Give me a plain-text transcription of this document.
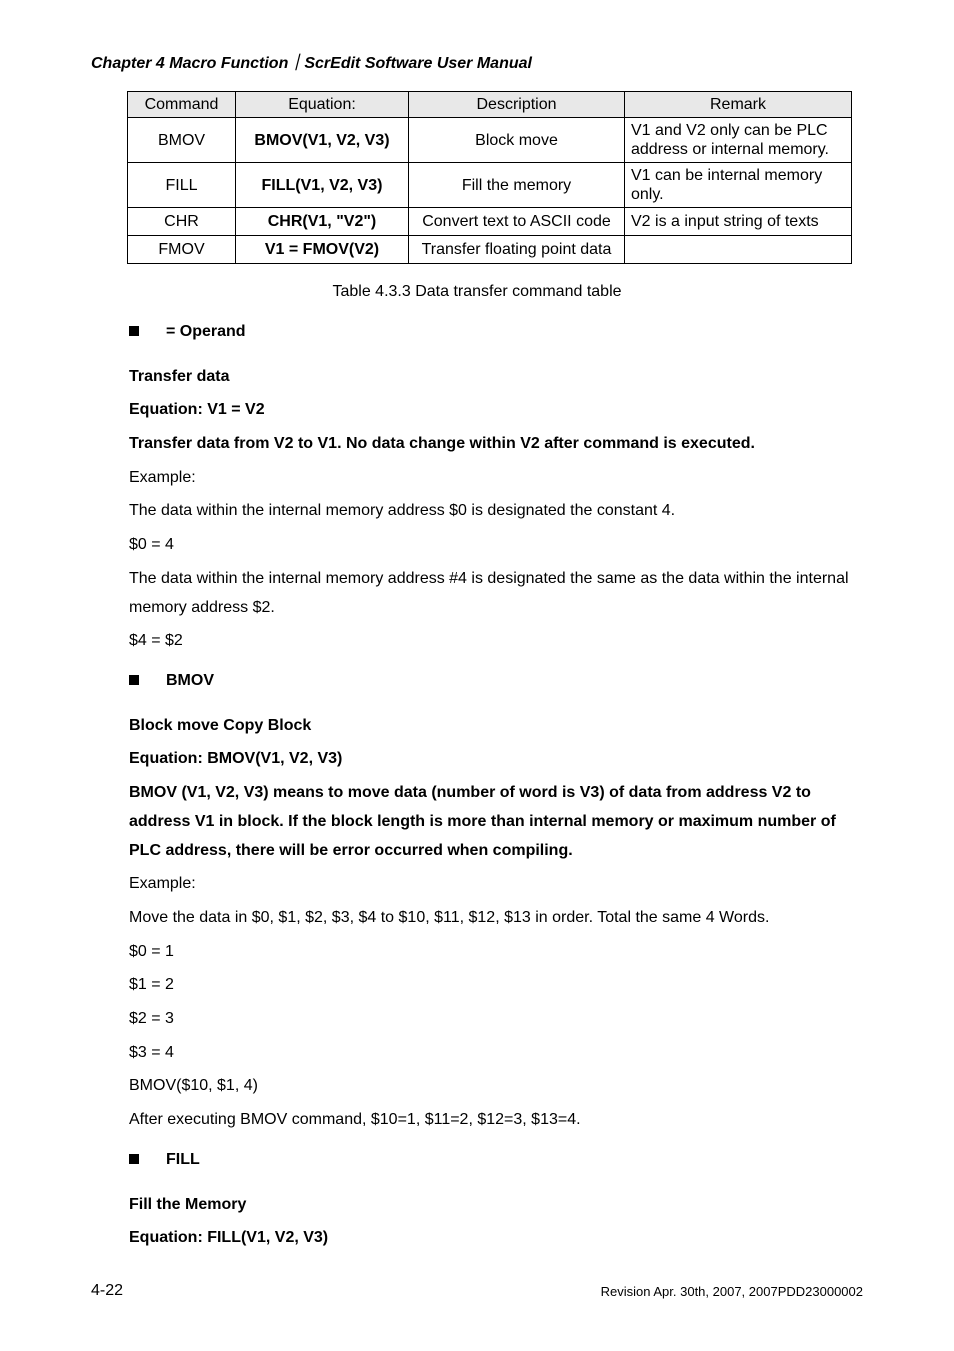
Chapter 4 Macro Function｜ScrEdit Software User Manual
Command	Equation:	Description	Remark
BMOV	BMOV(V1, V2, V3)	Block move	V1 and V2 only can be PLC address or internal memory.
FILL	FILL(V1, V2, V3)	Fill the memory	V1 can be internal memory only.
CHR	CHR(V1, "V2")	Convert text to ASCII code	V2 is a input string of texts
FMOV	V1 = FMOV(V2)	Transfer floating point data	
Table 4.3.3 Data transfer command table
= Operand
Transfer data
Equation: V1 = V2
Transfer data from V2 to V1. No data change within V2 after command is executed.
Example:
The data within the internal memory address $0 is designated the constant 4.
$0 = 4
The data within the internal memory address #4 is designated the same as the data within the internal memory address $2.
$4 = $2
BMOV
Block move Copy Block
Equation: BMOV(V1, V2, V3)
BMOV (V1, V2, V3) means to move data (number of word is V3) of data from address V2 to address V1 in block. If the block length is more than internal memory or maximum number of PLC address, there will be error occurred when compiling.
Example:
Move the data in $0, $1, $2, $3, $4 to $10, $11, $12, $13 in order. Total the same 4 Words.
$0 = 1
$1 = 2
$2 = 3
$3 = 4
BMOV($10, $1, 4)
After executing BMOV command, $10=1, $11=2, $12=3, $13=4.
FILL
Fill the Memory
Equation: FILL(V1, V2, V3)
4-22	Revision Apr. 30th, 2007, 2007PDD23000002
